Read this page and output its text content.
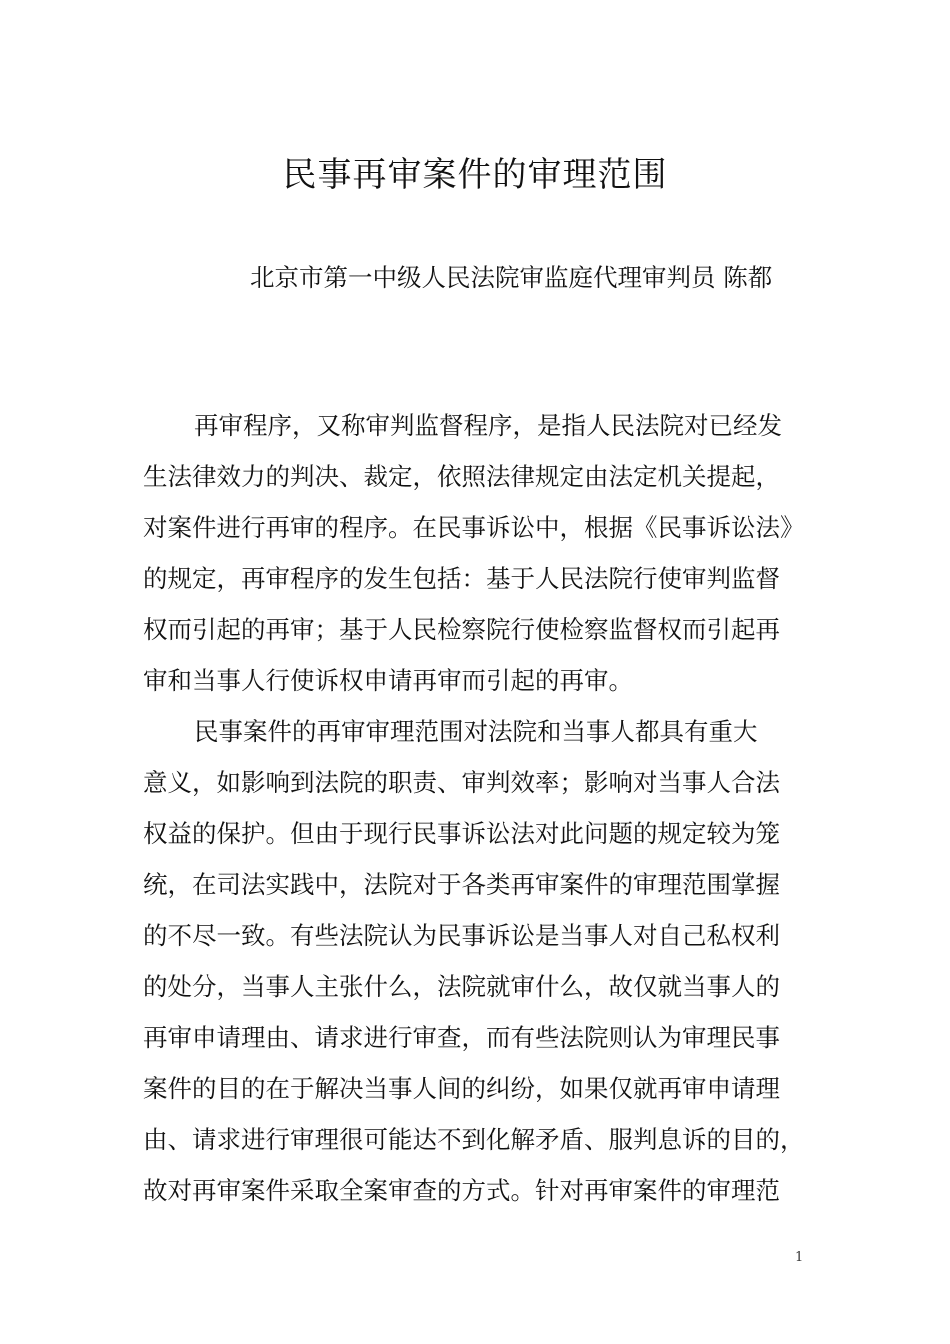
民事再审案件的审理范围

北京市第一中级人民法院审监庭代理审判员 陈都

再审程序，又称审判监督程序，是指人民法院对已经发

生法律效力的判决、裁定，依照法律规定由法定机关提起，

对案件进行再审的程序。在民事诉讼中，根据《民事诉讼法》

的规定，再审程序的发生包括：基于人民法院行使审判监督

权而引起的再审；基于人民检察院行使检察监督权而引起再

审和当事人行使诉权申请再审而引起的再审。

民事案件的再审审理范围对法院和当事人都具有重大

意义，如影响到法院的职责、审判效率；影响对当事人合法

权益的保护。但由于现行民事诉讼法对此问题的规定较为笼

统，在司法实践中，法院对于各类再审案件的审理范围掌握

的不尽一致。有些法院认为民事诉讼是当事人对自己私权利

的处分，当事人主张什么，法院就审什么，故仅就当事人的

再审申请理由、请求进行审查，而有些法院则认为审理民事

案件的目的在于解决当事人间的纠纷，如果仅就再审申请理

由、请求进行审理很可能达不到化解矛盾、服判息诉的目的，

故对再审案件采取全案审查的方式。针对再审案件的审理范

1
